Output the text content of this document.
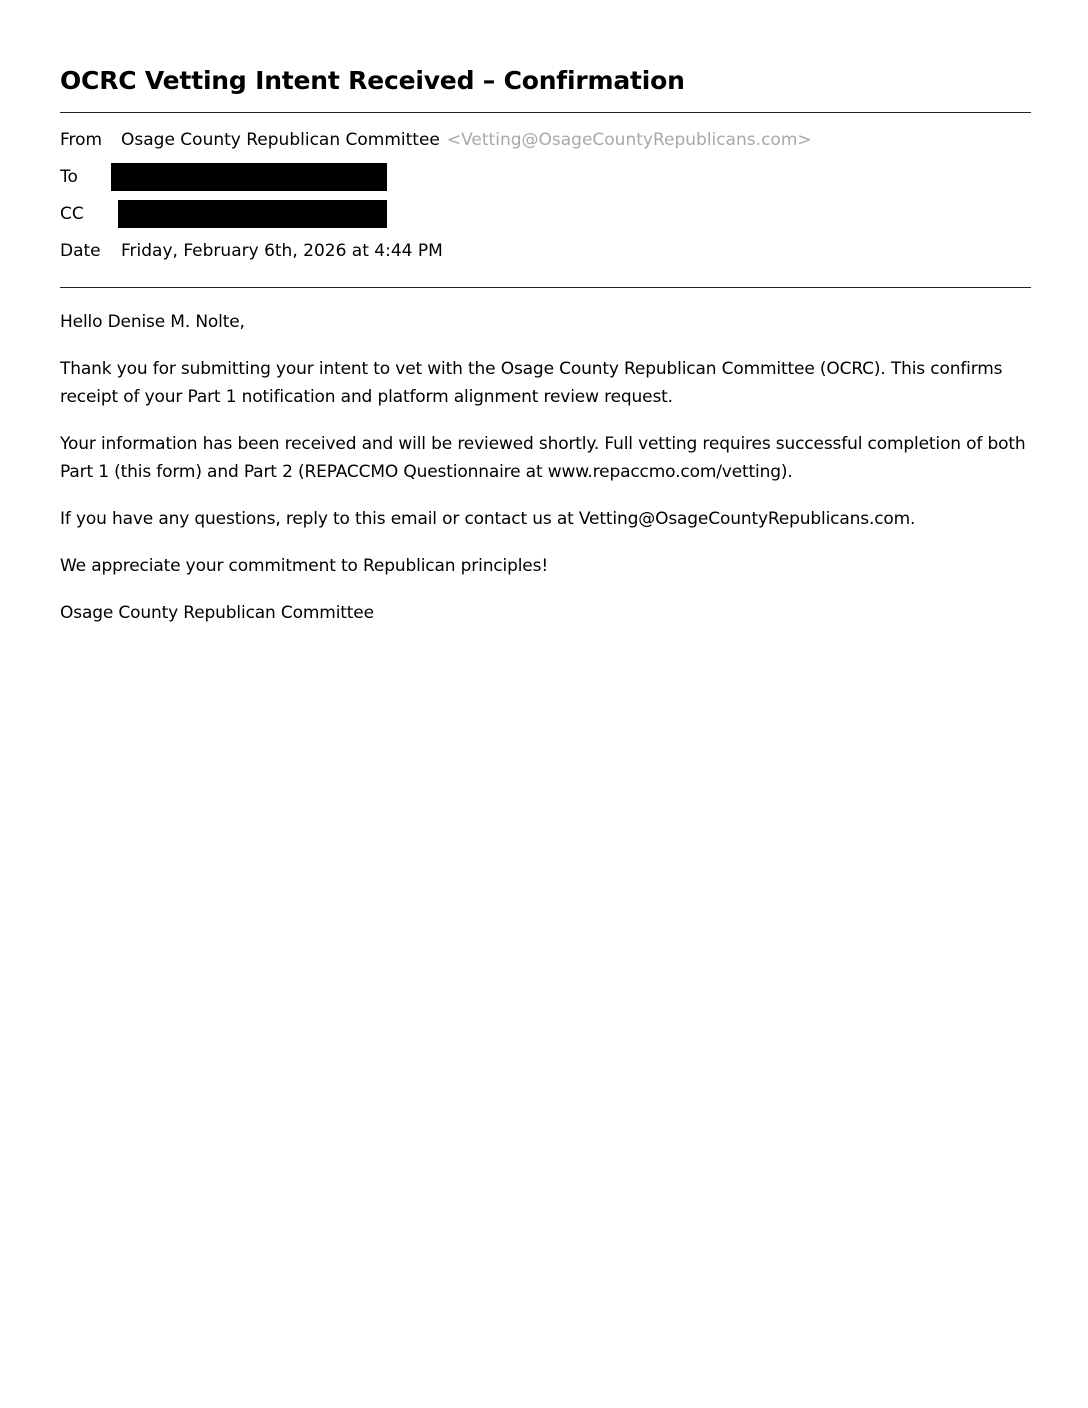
OCRC Vetting Intent Received – Confirmation
From	Osage County Republican Committee <Vetting@OsageCountyRepublicans.com>
To
CC
Date	Friday, February 6th, 2026 at 4:44 PM

Hello Denise M. Nolte,

Thank you for submitting your intent to vet with the Osage County Republican Committee (OCRC). This confirms receipt of your Part 1 notification and platform alignment review request.

Your information has been received and will be reviewed shortly. Full vetting requires successful completion of both Part 1 (this form) and Part 2 (REPACCMO Questionnaire at www.repaccmo.com/vetting).

If you have any questions, reply to this email or contact us at Vetting@OsageCountyRepublicans.com.

We appreciate your commitment to Republican principles!

Osage County Republican Committee
